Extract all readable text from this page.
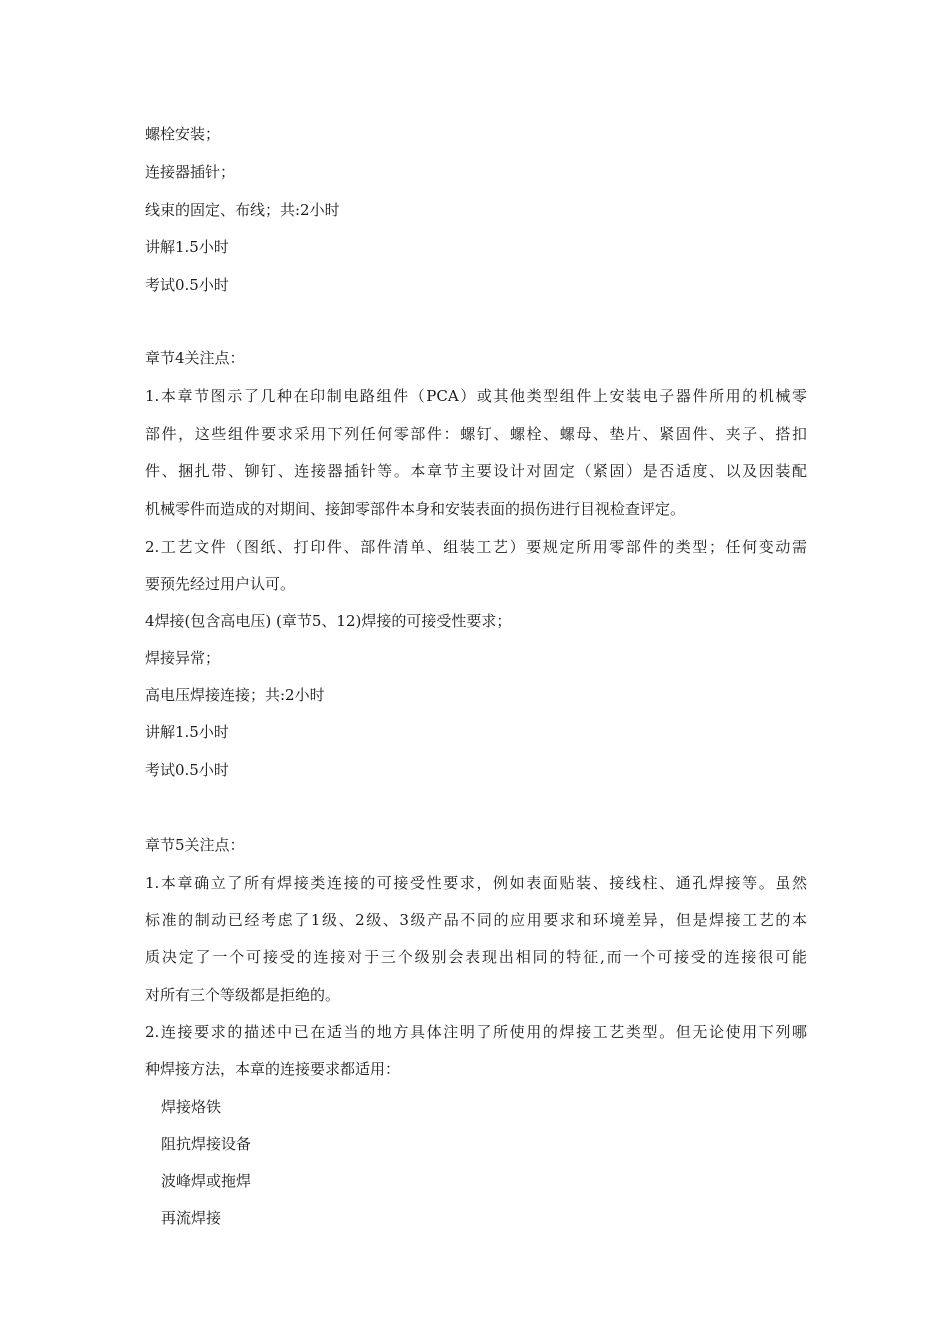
螺栓安装；
连接器插针；
线束的固定、布线；共:2小时
讲解1.5小时
考试0.5小时
章节4关注点：
1.本章节图示了几种在印制电路组件（PCA）或其他类型组件上安装电子器件所用的机械零
部件，这些组件要求采用下列任何零部件：螺钉、螺栓、螺母、垫片、紧固件、夹子、搭扣
件、捆扎带、铆钉、连接器插针等。本章节主要设计对固定（紧固）是否适度、以及因装配
机械零件而造成的对期间、接卸零部件本身和安装表面的损伤进行目视检查评定。
2.工艺文件（图纸、打印件、部件清单、组装工艺）要规定所用零部件的类型；任何变动需
要预先经过用户认可。
4焊接(包含高电压) (章节5、12)焊接的可接受性要求；
焊接异常；
高电压焊接连接；共:2小时
讲解1.5小时
考试0.5小时
章节5关注点：
1.本章确立了所有焊接类连接的可接受性要求，例如表面贴装、接线柱、通孔焊接等。虽然
标准的制动已经考虑了1级、2级、3级产品不同的应用要求和环境差异，但是焊接工艺的本
质决定了一个可接受的连接对于三个级别会表现出相同的特征,而一个可接受的连接很可能
对所有三个等级都是拒绝的。
2.连接要求的描述中已在适当的地方具体注明了所使用的焊接工艺类型。但无论使用下列哪
种焊接方法，本章的连接要求都适用：
焊接烙铁
阻抗焊接设备
波峰焊或拖焊
再流焊接
